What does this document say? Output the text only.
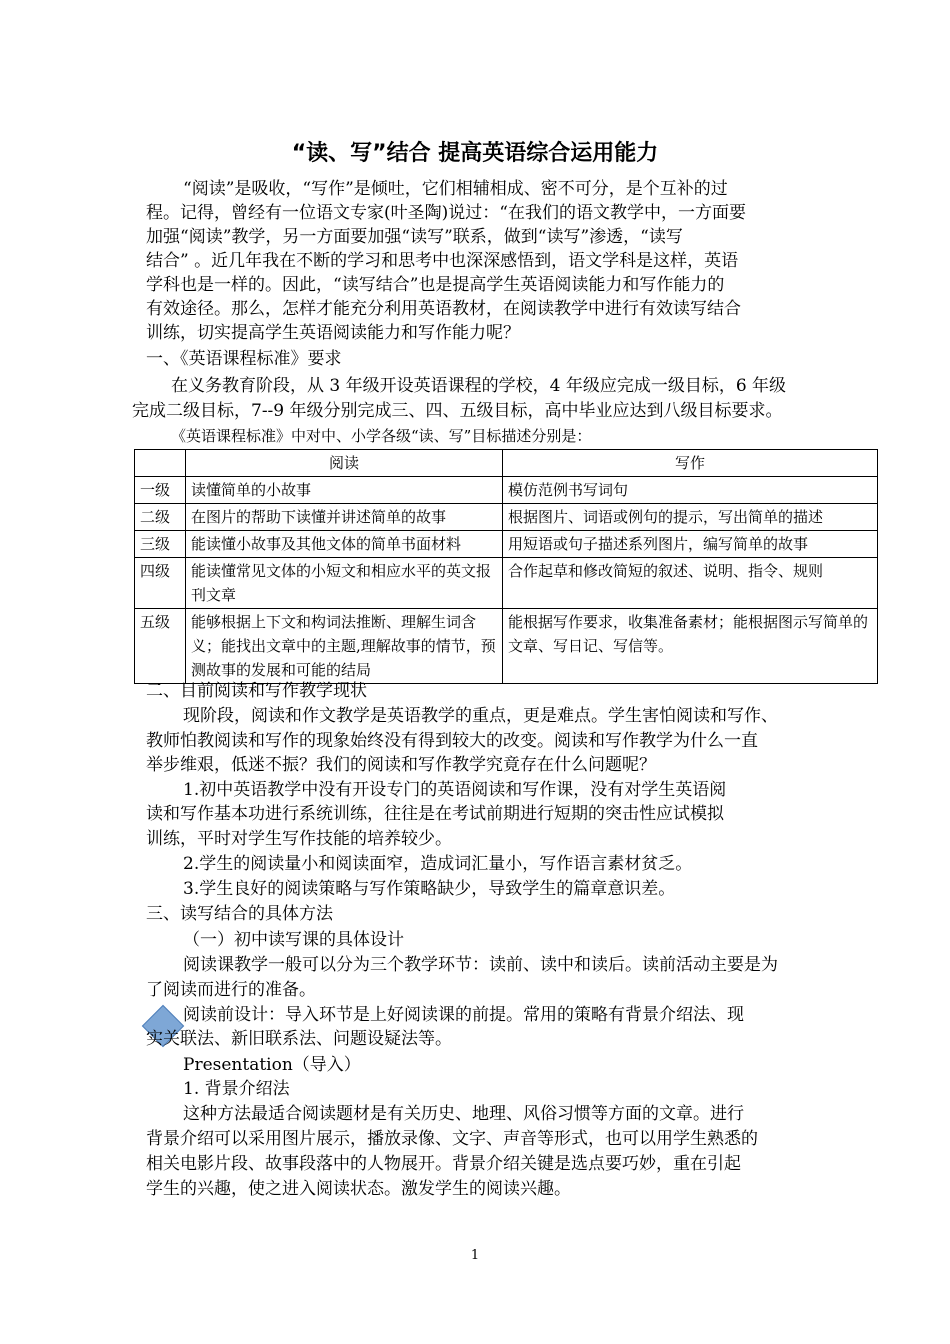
“读、写”结合 提高英语综合运用能力
“阅读”是吸收，“写作”是倾吐，它们相辅相成、密不可分，是个互补的过
程。记得，曾经有一位语文专家(叶圣陶)说过：“在我们的语文教学中，一方面要
加强“阅读”教学，另一方面要加强“读写”联系，做到“读写”渗透，“读写
结合” 。近几年我在不断的学习和思考中也深深感悟到，语文学科是这样，英语
学科也是一样的。因此，“读写结合”也是提高学生英语阅读能力和写作能力的
有效途径。那么，怎样才能充分利用英语教材，在阅读教学中进行有效读写结合
训练，切实提高学生英语阅读能力和写作能力呢？
一、《英语课程标准》要求
在义务教育阶段，从 3 年级开设英语课程的学校，4 年级应完成一级目标，6 年级
完成二级目标，7--9 年级分别完成三、四、五级目标，高中毕业应达到八级目标要求。
《英语课程标准》中对中、小学各级“读、写”目标描述分别是：
	阅读	写作
一级	读懂简单的小故事	模仿范例书写词句
二级	在图片的帮助下读懂并讲述简单的故事	根据图片、词语或例句的提示，写出简单的描述
三级	能读懂小故事及其他文体的简单书面材料	用短语或句子描述系列图片，编写简单的故事
四级	能读懂常见文体的小短文和相应水平的英文报刊文章	合作起草和修改简短的叙述、说明、指令、规则
五级	能够根据上下文和构词法推断、理解生词含义；能找出文章中的主题,理解故事的情节，预测故事的发展和可能的结局	能根据写作要求，收集准备素材；能根据图示写简单的文章、写日记、写信等。
二、目前阅读和写作教学现状
现阶段，阅读和作文教学是英语教学的重点，更是难点。学生害怕阅读和写作、
教师怕教阅读和写作的现象始终没有得到较大的改变。阅读和写作教学为什么一直
举步维艰，低迷不振？我们的阅读和写作教学究竟存在什么问题呢？
1.初中英语教学中没有开设专门的英语阅读和写作课，没有对学生英语阅
读和写作基本功进行系统训练，往往是在考试前期进行短期的突击性应试模拟
训练，平时对学生写作技能的培养较少。
2.学生的阅读量小和阅读面窄，造成词汇量小，写作语言素材贫乏。
3.学生良好的阅读策略与写作策略缺少，导致学生的篇章意识差。
三、读写结合的具体方法
（一）初中读写课的具体设计
阅读课教学一般可以分为三个教学环节：读前、读中和读后。读前活动主要是为
了阅读而进行的准备。
阅读前设计：导入环节是上好阅读课的前提。常用的策略有背景介绍法、现
实关联法、新旧联系法、问题设疑法等。
Presentation（导入）
1. 背景介绍法
这种方法最适合阅读题材是有关历史、地理、风俗习惯等方面的文章。进行
背景介绍可以采用图片展示，播放录像、文字、声音等形式，也可以用学生熟悉的
相关电影片段、故事段落中的人物展开。背景介绍关键是选点要巧妙，重在引起
学生的兴趣，使之进入阅读状态。激发学生的阅读兴趣。
1
